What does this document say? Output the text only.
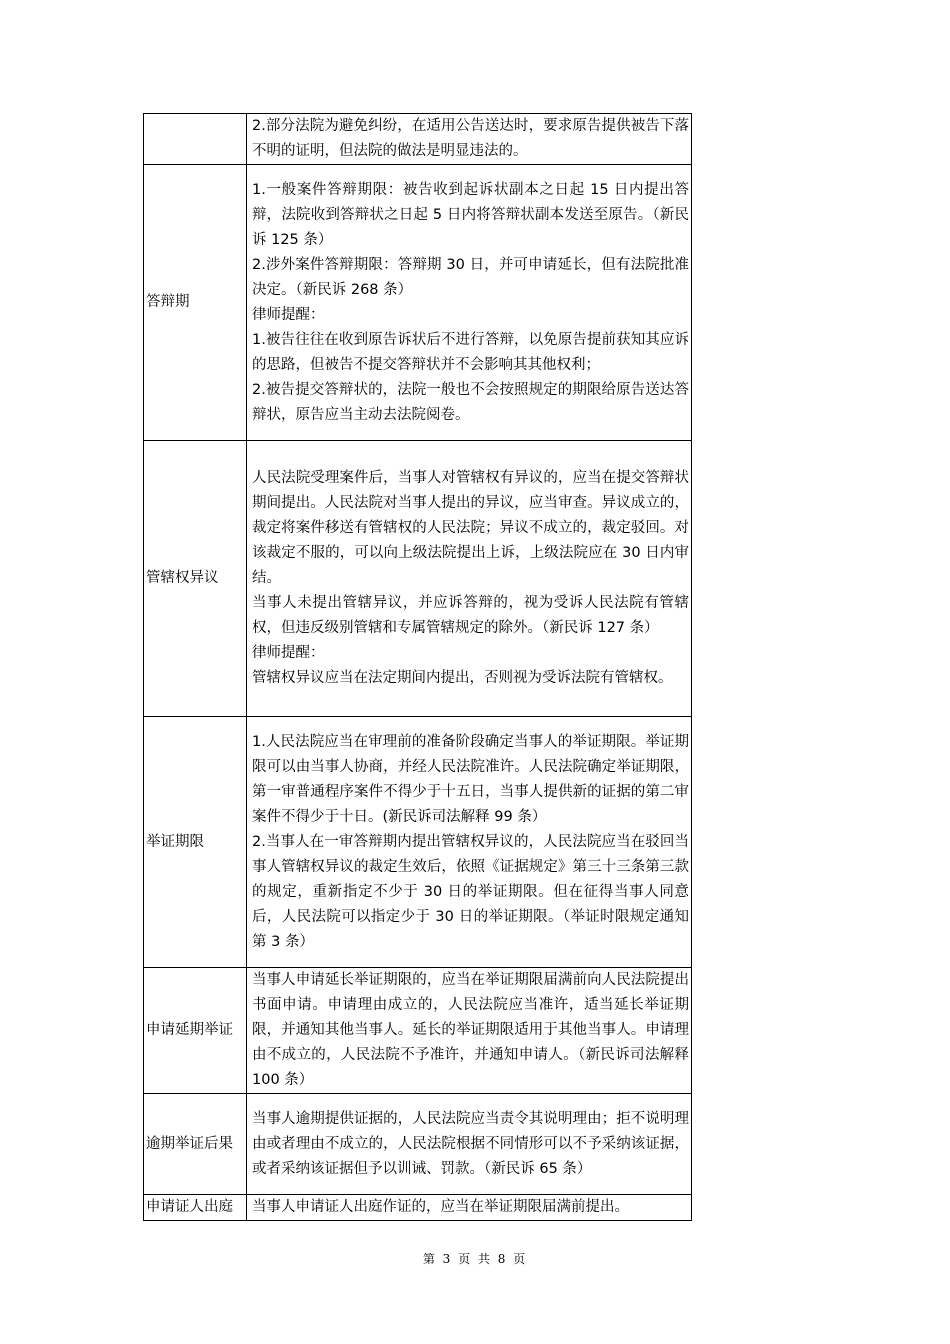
	2.部分法院为避免纠纷，在适用公告送达时，要求原告提供被告下落不明的证明，但法院的做法是明显违法的。

答辩期	1.一般案件答辩期限：被告收到起诉状副本之日起 15 日内提出答辩，法院收到答辩状之日起 5 日内将答辩状副本发送至原告。（新民诉 125 条）
2.涉外案件答辩期限：答辩期 30 日，并可申请延长，但有法院批准决定。（新民诉 268 条）
律师提醒：
1.被告往往在收到原告诉状后不进行答辩，以免原告提前获知其应诉的思路，但被告不提交答辩状并不会影响其其他权利；
2.被告提交答辩状的，法院一般也不会按照规定的期限给原告送达答辩状，原告应当主动去法院阅卷。

管辖权异议	人民法院受理案件后，当事人对管辖权有异议的，应当在提交答辩状期间提出。人民法院对当事人提出的异议，应当审查。异议成立的，裁定将案件移送有管辖权的人民法院；异议不成立的，裁定驳回。对该裁定不服的，可以向上级法院提出上诉，上级法院应在 30 日内审结。
当事人未提出管辖异议，并应诉答辩的，视为受诉人民法院有管辖权，但违反级别管辖和专属管辖规定的除外。（新民诉 127 条）
律师提醒：
管辖权异议应当在法定期间内提出，否则视为受诉法院有管辖权。

举证期限	1.人民法院应当在审理前的准备阶段确定当事人的举证期限。举证期限可以由当事人协商，并经人民法院准许。人民法院确定举证期限，第一审普通程序案件不得少于十五日，当事人提供新的证据的第二审案件不得少于十日。(新民诉司法解释 99 条）
2.当事人在一审答辩期内提出管辖权异议的，人民法院应当在驳回当事人管辖权异议的裁定生效后，依照《证据规定》第三十三条第三款的规定，重新指定不少于 30 日的举证期限。但在征得当事人同意后，人民法院可以指定少于 30 日的举证期限。（举证时限规定通知第 3 条）

申请延期举证	当事人申请延长举证期限的，应当在举证期限届满前向人民法院提出书面申请。申请理由成立的，人民法院应当准许，适当延长举证期限，并通知其他当事人。延长的举证期限适用于其他当事人。申请理由不成立的，人民法院不予准许，并通知申请人。（新民诉司法解释 100 条）

逾期举证后果	当事人逾期提供证据的，人民法院应当责令其说明理由；拒不说明理由或者理由不成立的，人民法院根据不同情形可以不予采纳该证据，或者采纳该证据但予以训诫、罚款。（新民诉 65 条）

申请证人出庭	当事人申请证人出庭作证的，应当在举证期限届满前提出。
第 3 页 共 8 页
